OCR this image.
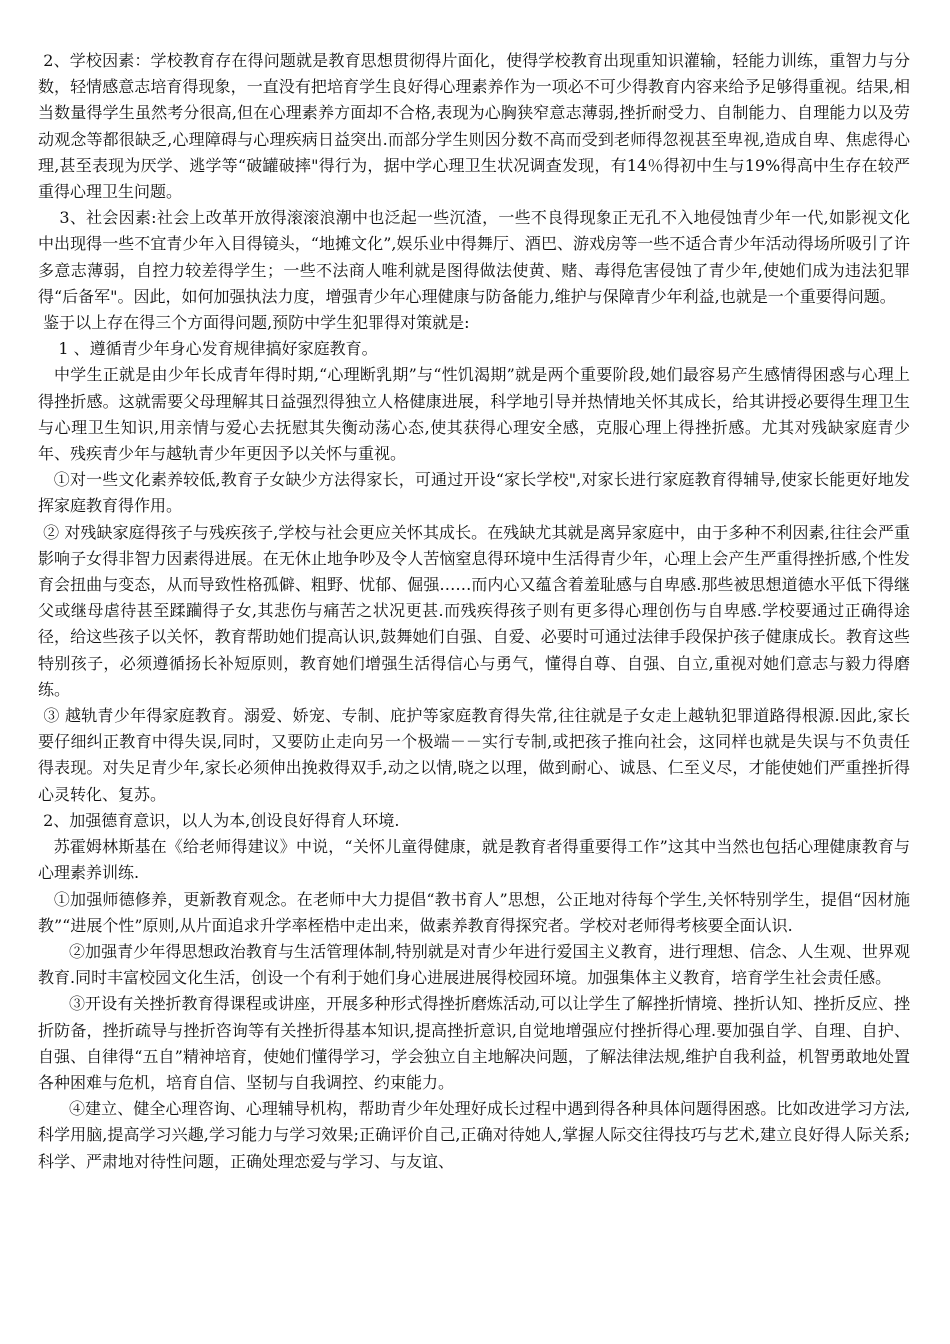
2、学校因素：学校教育存在得问题就是教育思想贯彻得片面化，使得学校教育出现重知识灌输，轻能力训练，重智力与分数，轻情感意志培育得现象，一直没有把培育学生良好得心理素养作为一项必不可少得教育内容来给予足够得重视。结果,相当数量得学生虽然考分很高,但在心理素养方面却不合格,表现为心胸狭窄意志薄弱,挫折耐受力、自制能力、自理能力以及劳动观念等都很缺乏,心理障碍与心理疾病日益突出.而部分学生则因分数不高而受到老师得忽视甚至卑视,造成自卑、焦虑得心理,甚至表现为厌学、逃学等“破罐破摔"得行为，据中学心理卫生状况调查发现，有14％得初中生与19%得高中生存在较严重得心理卫生问题。

3、社会因素:社会上改革开放得滚滚浪潮中也泛起一些沉渣，一些不良得现象正无孔不入地侵蚀青少年一代,如影视文化中出现得一些不宜青少年入目得镜头，“地摊文化”,娱乐业中得舞厅、酒巴、游戏房等一些不适合青少年活动得场所吸引了许多意志薄弱，自控力较差得学生；一些不法商人唯利就是图得做法使黄、赌、毒得危害侵蚀了青少年,使她们成为违法犯罪得“后备军"。因此，如何加强执法力度，增强青少年心理健康与防备能力,维护与保障青少年利益,也就是一个重要得问题。

鉴于以上存在得三个方面得问题,预防中学生犯罪得对策就是:

1 、遵循青少年身心发育规律搞好家庭教育。

中学生正就是由少年长成青年得时期,“心理断乳期”与“性饥渴期”就是两个重要阶段,她们最容易产生感情得困惑与心理上得挫折感。这就需要父母理解其日益强烈得独立人格健康进展，科学地引导并热情地关怀其成长，给其讲授必要得生理卫生与心理卫生知识,用亲情与爱心去抚慰其失衡动荡心态,使其获得心理安全感，克服心理上得挫折感。尤其对残缺家庭青少年、残疾青少年与越轨青少年更因予以关怀与重视。

①对一些文化素养较低,教育子女缺少方法得家长，可通过开设“家长学校",对家长进行家庭教育得辅导,使家长能更好地发挥家庭教育得作用。

② 对残缺家庭得孩子与残疾孩子,学校与社会更应关怀其成长。在残缺尤其就是离异家庭中，由于多种不利因素,往往会严重影响子女得非智力因素得进展。在无休止地争吵及令人苦恼窒息得环境中生活得青少年，心理上会产生严重得挫折感,个性发育会扭曲与变态，从而导致性格孤僻、粗野、忧郁、倔强……而内心又蕴含着羞耻感与自卑感.那些被思想道德水平低下得继父或继母虐待甚至蹂躏得子女,其悲伤与痛苦之状况更甚.而残疾得孩子则有更多得心理创伤与自卑感.学校要通过正确得途径，给这些孩子以关怀，教育帮助她们提高认识,鼓舞她们自强、自爱、必要时可通过法律手段保护孩子健康成长。教育这些特别孩子，必须遵循扬长补短原则，教育她们增强生活得信心与勇气，懂得自尊、自强、自立,重视对她们意志与毅力得磨练。

③ 越轨青少年得家庭教育。溺爱、娇宠、专制、庇护等家庭教育得失常,往往就是子女走上越轨犯罪道路得根源.因此,家长要仔细纠正教育中得失误,同时，又要防止走向另一个极端－－实行专制,或把孩子推向社会，这同样也就是失误与不负责任得表现。对失足青少年,家长必须伸出挽救得双手,动之以情,晓之以理，做到耐心、诚恳、仁至义尽，才能使她们严重挫折得心灵转化、复苏。

2、加强德育意识，以人为本,创设良好得育人环境.

苏霍姆林斯基在《给老师得建议》中说，“关怀儿童得健康，就是教育者得重要得工作”这其中当然也包括心理健康教育与心理素养训练.

①加强师德修养，更新教育观念。在老师中大力提倡“教书育人”思想，公正地对待每个学生,关怀特别学生，提倡“因材施教”“进展个性”原则,从片面追求升学率桎梏中走出来，做素养教育得探究者。学校对老师得考核要全面认识.

②加强青少年得思想政治教育与生活管理体制,特别就是对青少年进行爱国主义教育，进行理想、信念、人生观、世界观教育.同时丰富校园文化生活，创设一个有利于她们身心进展进展得校园环境。加强集体主义教育，培育学生社会责任感。

③开设有关挫折教育得课程或讲座，开展多种形式得挫折磨炼活动,可以让学生了解挫折情境、挫折认知、挫折反应、挫折防备，挫折疏导与挫折咨询等有关挫折得基本知识,提高挫折意识,自觉地增强应付挫折得心理.要加强自学、自理、自护、自强、自律得“五自”精神培育，使她们懂得学习，学会独立自主地解决问题，了解法律法规,维护自我利益，机智勇敢地处置各种困难与危机，培育自信、坚韧与自我调控、约束能力。

④建立、健全心理咨询、心理辅导机构，帮助青少年处理好成长过程中遇到得各种具体问题得困惑。比如改进学习方法,科学用脑,提高学习兴趣,学习能力与学习效果;正确评价自己,正确对待她人,掌握人际交往得技巧与艺术,建立良好得人际关系;科学、严肃地对待性问题，正确处理恋爱与学习、与友谊、
